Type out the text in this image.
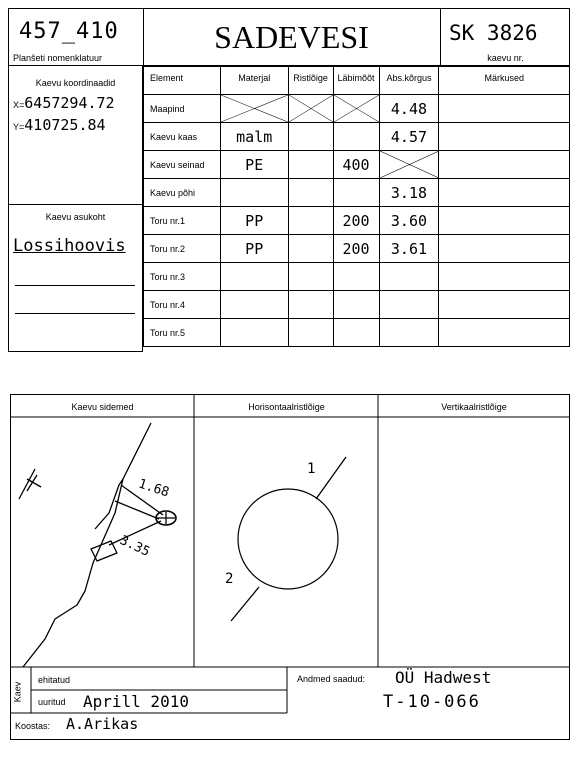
457_410
Planšeti nomenklatuur
SADEVESI	SK 3826
kaevu nr.
Kaevu koordinaadid
X=6457294.72
Y=410725.84
Kaevu asukoht
Lossihoovis
Element	Materjal	Ristlõige	Läbimõõt	Abs.kõrgus	Märkused
Maapind				4.48	
Kaevu kaas	malm			4.57	
Kaevu seinad	PE		400	

Kaevu põhi				3.18	
Toru nr.1	PP		200	3.60	
Toru nr.2	PP		200	3.61	
Toru nr.3					
Toru nr.4					
Toru nr.5					
Kaevu sidemed	Horisontaalristlõige	Vertikaalristlõige
1.68
3.35
1
2
Kaev
ehitatud
uuritud Aprill 2010
Andmed saadud: OÜ Hadwest
T-10-066
Koostas: A.Arikas
